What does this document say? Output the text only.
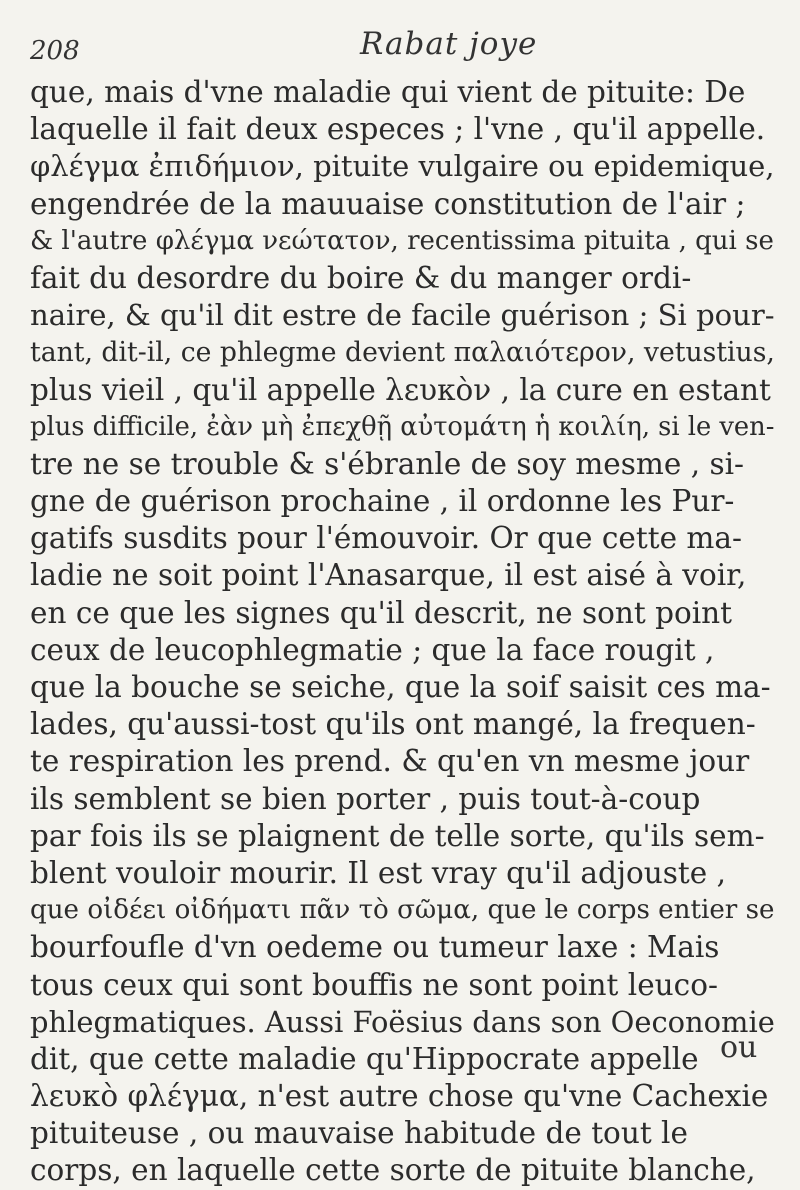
208	Rabat joye
que, mais d'vne maladie qui vient de pituite: De
laquelle il fait deux especes ; l'vne , qu'il appelle.
φλέγμα ἐπιδήμιον, pituite vulgaire ou epidemique,
engendrée de la mauuaise constitution de l'air ;
& l'autre φλέγμα νεώτατον, recentissima pituita , qui se
fait du desordre du boire & du manger ordi-
naire, & qu'il dit estre de facile guérison ; Si pour-
tant, dit-il, ce phlegme devient παλαιότερον, vetustius,
plus vieil , qu'il appelle λευκὸν , la cure en estant
plus difficile, ἐὰν μὴ ἐπεχθῇ αὐτομάτη ἡ κοιλίη, si le ven-
tre ne se trouble & s'ébranle de soy mesme , si-
gne de guérison prochaine , il ordonne les Pur-
gatifs susdits pour l'émouvoir. Or que cette ma-
ladie ne soit point l'Anasarque, il est aisé à voir,
en ce que les signes qu'il descrit, ne sont point
ceux de leucophlegmatie ; que la face rougit ,
que la bouche se seiche, que la soif saisit ces ma-
lades, qu'aussi-tost qu'ils ont mangé, la frequen-
te respiration les prend. & qu'en vn mesme jour
ils semblent se bien porter , puis tout-à-coup
par fois ils se plaignent de telle sorte, qu'ils sem-
blent vouloir mourir. Il est vray qu'il adjouste ,
que οἰδέει οἰδήματι πᾶν τὸ σῶμα, que le corps entier se
bourfoufle d'vn oedeme ou tumeur laxe : Mais
tous ceux qui sont bouffis ne sont point leuco-
phlegmatiques. Aussi Foësius dans son Oeconomie
dit, que cette maladie qu'Hippocrate appelle
λευκὸ φλέγμα, n'est autre chose qu'vne Cachexie
pituiteuse , ou mauvaise habitude de tout le
corps, en laquelle cette sorte de pituite blanche,
ou
